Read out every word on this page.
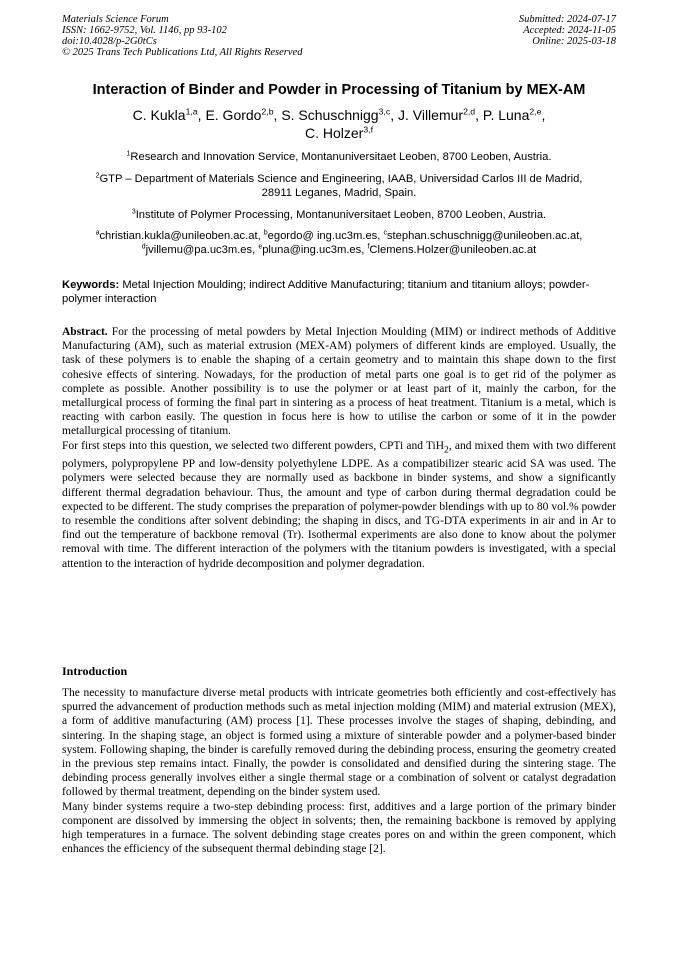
Materials Science Forum
ISSN: 1662-9752, Vol. 1146, pp 93-102
doi:10.4028/p-2G0tCs
© 2025 Trans Tech Publications Ltd, All Rights Reserved
Submitted: 2024-07-17
Accepted: 2024-11-05
Online: 2025-03-18
Interaction of Binder and Powder in Processing of Titanium by MEX-AM
C. Kukla$^{1,a}$, E. Gordo$^{2,b}$, S. Schuschnigg$^{3,c}$, J. Villemur$^{2,d}$, P. Luna$^{2,e}$,
C. Holzer$^{3,f}$
$^1$Research and Innovation Service, Montanuniversitaet Leoben, 8700 Leoben, Austria.
$^2$GTP – Department of Materials Science and Engineering, IAAB, Universidad Carlos III de Madrid,
28911 Leganes, Madrid, Spain.
$^3$Institute of Polymer Processing, Montanuniversitaet Leoben, 8700 Leoben, Austria.
$^a$christian.kukla@unileoben.ac.at, $^b$egordo@ ing.uc3m.es, $^c$stephan.schuschnigg@unileoben.ac.at,
$^d$jvillemu@pa.uc3m.es, $^e$pluna@ing.uc3m.es, $^f$Clemens.Holzer@unileoben.ac.at
Keywords: Metal Injection Moulding; indirect Additive Manufacturing; titanium and titanium alloys; powder-polymer interaction

Abstract. For the processing of metal powders by Metal Injection Moulding (MIM) or indirect methods of Additive Manufacturing (AM), such as material extrusion (MEX-AM) polymers of different kinds are employed. Usually, the task of these polymers is to enable the shaping of a certain geometry and to maintain this shape down to the first cohesive effects of sintering. Nowadays, for the production of metal parts one goal is to get rid of the polymer as complete as possible. Another possibility is to use the polymer or at least part of it, mainly the carbon, for the metallurgical process of forming the final part in sintering as a process of heat treatment. Titanium is a metal, which is reacting with carbon easily. The question in focus here is how to utilise the carbon or some of it in the powder metallurgical processing of titanium.

For first steps into this question, we selected two different powders, CPTi and TiH$_2$, and mixed them with two different polymers, polypropylene PP and low-density polyethylene LDPE. As a compatibilizer stearic acid SA was used. The polymers were selected because they are normally used as backbone in binder systems, and show a significantly different thermal degradation behaviour. Thus, the amount and type of carbon during thermal degradation could be expected to be different. The study comprises the preparation of polymer-powder blendings with up to 80 vol.% powder to resemble the conditions after solvent debinding; the shaping in discs, and TG-DTA experiments in air and in Ar to find out the temperature of backbone removal (Tr). Isothermal experiments are also done to know about the polymer removal with time. The different interaction of the polymers with the titanium powders is investigated, with a special attention to the interaction of hydride decomposition and polymer degradation.

Introduction

The necessity to manufacture diverse metal products with intricate geometries both efficiently and cost-effectively has spurred the advancement of production methods such as metal injection molding (MIM) and material extrusion (MEX), a form of additive manufacturing (AM) process [1]. These processes involve the stages of shaping, debinding, and sintering. In the shaping stage, an object is formed using a mixture of sinterable powder and a polymer-based binder system. Following shaping, the binder is carefully removed during the debinding process, ensuring the geometry created in the previous step remains intact. Finally, the powder is consolidated and densified during the sintering stage. The debinding process generally involves either a single thermal stage or a combination of solvent or catalyst degradation followed by thermal treatment, depending on the binder system used.

Many binder systems require a two-step debinding process: first, additives and a large portion of the primary binder component are dissolved by immersing the object in solvents; then, the remaining backbone is removed by applying high temperatures in a furnace. The solvent debinding stage creates pores on and within the green component, which enhances the efficiency of the subsequent thermal debinding stage [2].
